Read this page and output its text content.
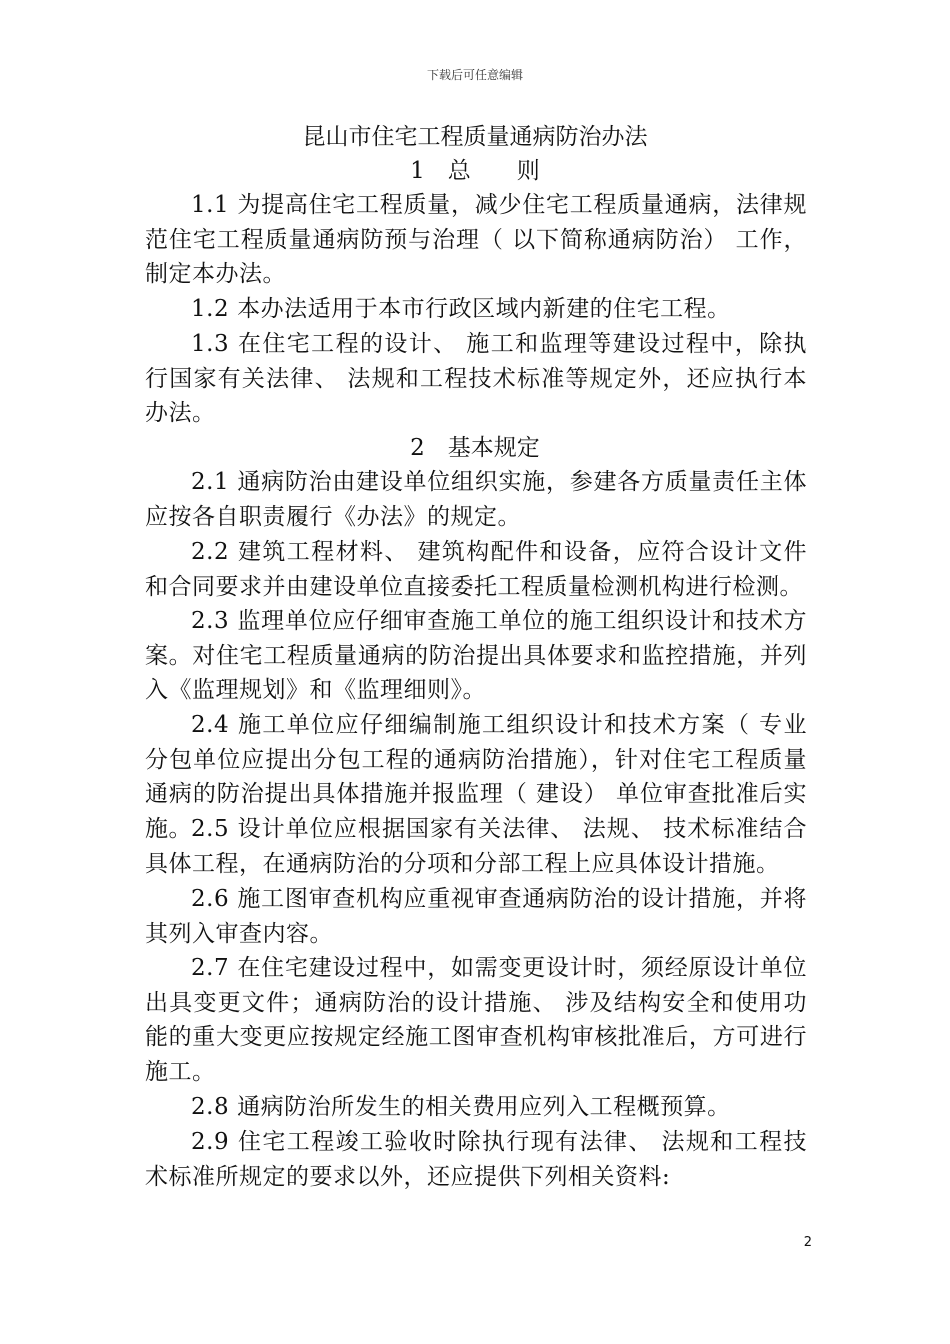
下载后可任意编辑
昆山市住宅工程质量通病防治办法
1　总　　则
1.1 为提高住宅工程质量，减少住宅工程质量通病，法律规范住宅工程质量通病防预与治理（ 以下简称通病防治） 工作，制定本办法。
1.2 本办法适用于本市行政区域内新建的住宅工程。
1.3 在住宅工程的设计、 施工和监理等建设过程中，除执行国家有关法律、 法规和工程技术标准等规定外，还应执行本办法。
2　基本规定
2.1 通病防治由建设单位组织实施，参建各方质量责任主体应按各自职责履行《办法》的规定。
2.2 建筑工程材料、 建筑构配件和设备，应符合设计文件和合同要求并由建设单位直接委托工程质量检测机构进行检测。
2.3 监理单位应仔细审查施工单位的施工组织设计和技术方案。对住宅工程质量通病的防治提出具体要求和监控措施，并列入《监理规划》和《监理细则》。
2.4 施工单位应仔细编制施工组织设计和技术方案（ 专业分包单位应提出分包工程的通病防治措施），针对住宅工程质量通病的防治提出具体措施并报监理（ 建设） 单位审查批准后实施。 2.5 设计单位应根据国家有关法律、 法规、 技术标准结合具体工程，在通病防治的分项和分部工程上应具体设计措施。
2.6 施工图审查机构应重视审查通病防治的设计措施，并将其列入审查内容。
2.7 在住宅建设过程中，如需变更设计时，须经原设计单位出具变更文件；通病防治的设计措施、 涉及结构安全和使用功能的重大变更应按规定经施工图审查机构审核批准后，方可进行施工。
2.8 通病防治所发生的相关费用应列入工程概预算。
2.9 住宅工程竣工验收时除执行现有法律、 法规和工程技术标准所规定的要求以外，还应提供下列相关资料:
2
